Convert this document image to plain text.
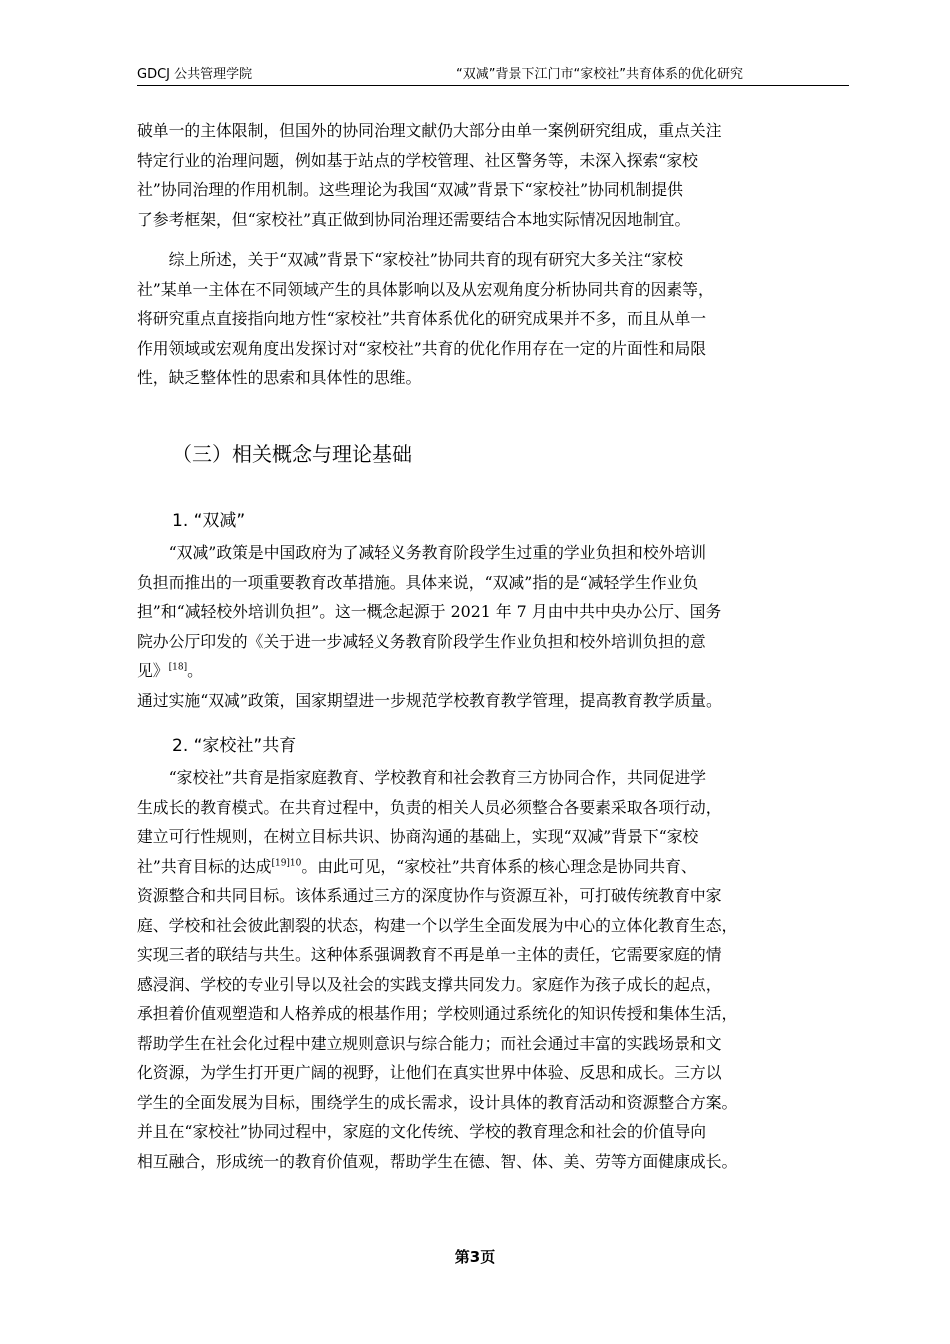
GDCJ 公共管理学院	“双减”背景下江门市“家校社”共育体系的优化研究
破单一的主体限制，但国外的协同治理文献仍大部分由单一案例研究组成，重点关注
特定行业的治理问题，例如基于站点的学校管理、社区警务等，未深入探索“家校
社”协同治理的作用机制。这些理论为我国“双减”背景下“家校社”协同机制提供
了参考框架，但“家校社”真正做到协同治理还需要结合本地实际情况因地制宜。
　　综上所述，关于“双减”背景下“家校社”协同共育的现有研究大多关注“家校
社”某单一主体在不同领域产生的具体影响以及从宏观角度分析协同共育的因素等，
将研究重点直接指向地方性“家校社”共育体系优化的研究成果并不多，而且从单一
作用领域或宏观角度出发探讨对“家校社”共育的优化作用存在一定的片面性和局限
性，缺乏整体性的思索和具体性的思维。
（三）相关概念与理论基础
1. “双减”
　　“双减”政策是中国政府为了减轻义务教育阶段学生过重的学业负担和校外培训
负担而推出的一项重要教育改革措施。具体来说，“双减”指的是“减轻学生作业负
担”和“减轻校外培训负担”。这一概念起源于 2021 年 7 月由中共中央办公厅、国务
院办公厅印发的《关于进一步减轻义务教育阶段学生作业负担和校外培训负担的意
见》[18]。
通过实施“双减”政策，国家期望进一步规范学校教育教学管理，提高教育教学质量。
2. “家校社”共育
　　“家校社”共育是指家庭教育、学校教育和社会教育三方协同合作，共同促进学
生成长的教育模式。在共育过程中，负责的相关人员必须整合各要素采取各项行动，
建立可行性规则，在树立目标共识、协商沟通的基础上，实现“双减”背景下“家校
社”共育目标的达成$^{[19]10}$。由此可见，“家校社”共育体系的核心理念是协同共育、
资源整合和共同目标。该体系通过三方的深度协作与资源互补，可打破传统教育中家
庭、学校和社会彼此割裂的状态，构建一个以学生全面发展为中心的立体化教育生态，
实现三者的联结与共生。这种体系强调教育不再是单一主体的责任，它需要家庭的情
感浸润、学校的专业引导以及社会的实践支撑共同发力。家庭作为孩子成长的起点，
承担着价值观塑造和人格养成的根基作用；学校则通过系统化的知识传授和集体生活，
帮助学生在社会化过程中建立规则意识与综合能力；而社会通过丰富的实践场景和文
化资源，为学生打开更广阔的视野，让他们在真实世界中体验、反思和成长。三方以
学生的全面发展为目标，围绕学生的成长需求，设计具体的教育活动和资源整合方案。
并且在“家校社”协同过程中，家庭的文化传统、学校的教育理念和社会的价值导向
相互融合，形成统一的教育价值观，帮助学生在德、智、体、美、劳等方面健康成长。
第3页
